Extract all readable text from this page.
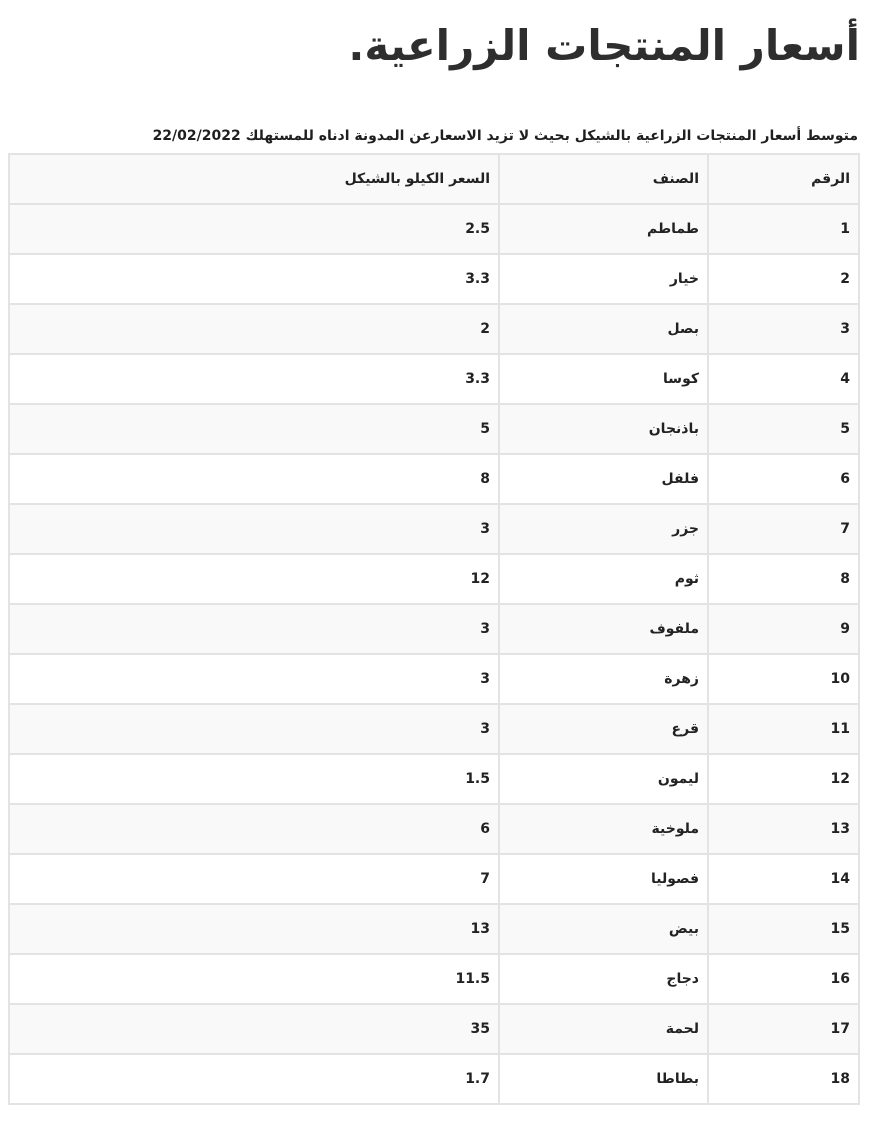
أسعار المنتجات الزراعية.

متوسط أسعار المنتجات الزراعية بالشيكل بحيث لا تزيد الاسعارعن المدونة ادناه للمستهلك 22/02/2022

الرقم	الصنف	السعر الكيلو بالشيكل
1	طماطم	2.5
2	خيار	3.3
3	بصل	2
4	كوسا	3.3
5	باذنجان	5
6	فلفل	8
7	جزر	3
8	ثوم	12
9	ملفوف	3
10	زهرة	3
11	قرع	3
12	ليمون	1.5
13	ملوخية	6
14	فصوليا	7
15	بيض	13
16	دجاج	11.5
17	لحمة	35
18	بطاطا	1.7
